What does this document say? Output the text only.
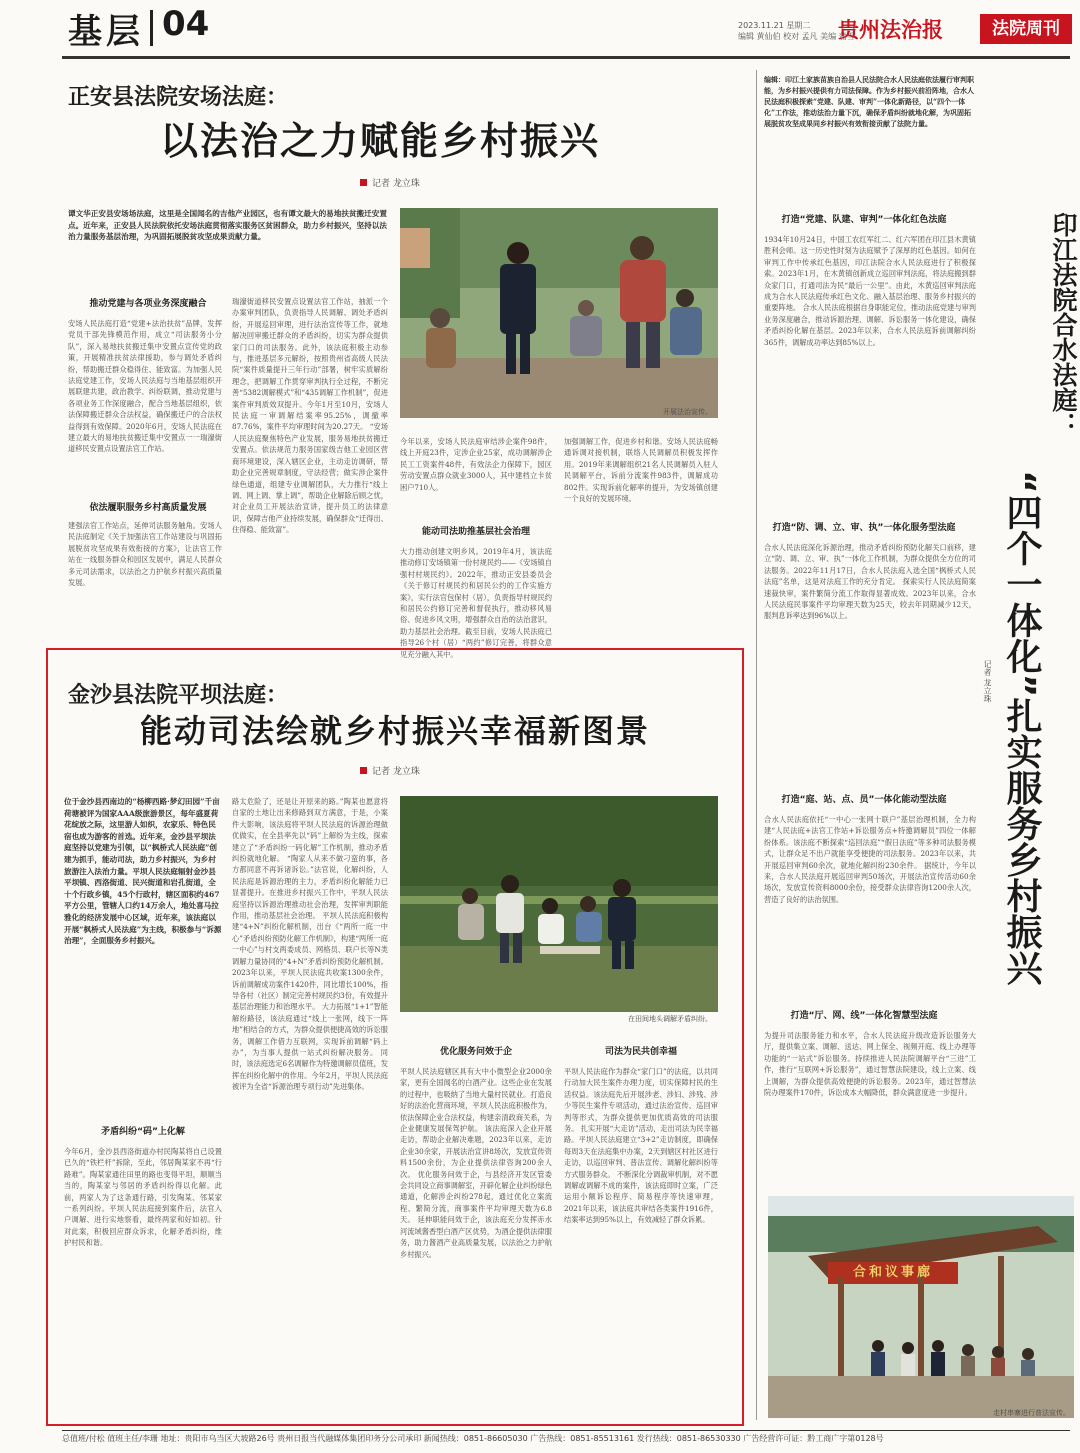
基层 04	2023.11.21 星期二
编辑 黄仙伯 校对 孟凡 美编 蒲雪
贵州法治报	法院周刊
正安县法院安场法庭：
以法治之力赋能乡村振兴
记者 龙立珠
谭文华正安县安场场法庭，这里是全国闻名的吉他产业园区，也有谭文最大的易地扶贫搬迁安置点。近年来，正安县人民法院依托安场法庭贯彻落实服务区贫困群众，助力乡村振兴，坚持以法治力量服务基层治理，为巩固拓展脱贫攻坚成果贡献力量。
推动党建与各项业务深度融合
安场人民法庭打造“党建+法治扶贫”品牌，发挥党员干部先锋模范作用，成立“司法服务小分队”，深入易地扶贫搬迁集中安置点宣传党的政策，开展精准扶贫法律援助，参与调处矛盾纠纷，帮助搬迁群众稳得住、能致富。为加强人民法庭党建工作，安场人民法庭与当地基层组织开展联建共建，政治教学、纠纷联调，推动党建与各项业务工作深度融合，配合当地基层组织，依法保障搬迁群众合法权益，确保搬迁户的合法权益得到有效保障。2020年6月，安场人民法庭在建立最大的易地扶贫搬迁集中安置点一一瑞濠街道移民安置点设置法官工作站。
依法履职服务乡村高质量发展
建强法官工作站点，延伸司法服务触角。安场人民法庭制定《关于加强法官工作站建设与巩固拓展脱贫攻坚成果有效衔接的方案》，让法官工作站在一线服务群众和园区发展中，满足人民群众多元司法需求，以法治之力护航乡村振兴高质量发展。
瑞濠街道移民安置点设置法官工作站，抽派一个办案审判团队，负责指导人民调解、调处矛盾纠纷，开展巡回审理，进行法治宣传等工作，就地解决回审搬迁群众的矛盾纠纷，切实为群众提供家门口的司法服务。此外，该法庭积极主动参与，推进基层多元解纷，按照贵州省高级人民法院“案件质量提升三年行动”部署，树牢实质解纷理念，把调解工作贯穿审判执行全过程，不断完善“5382调解模式”和“435调解工作机制”，促进案件审判质效双提升。今年1月至10月，安场人民法庭一审调解结案率95.25%，调撤率87.76%，案件平均审理时间为20.27天。 “安场人民法庭聚焦特色产业发展，服务易地扶贫搬迁安置点。依法规范力服务国家级吉他工业园区营商环境建设，深入辖区企业，主动走访调研，帮助企业完善规章制度，守法经营；做实涉企案件绿色通道，组建专业调解团队，大力推行“线上调、网上调、掌上调”，帮助企业解除后顾之忧，对企业员工开展法治宣讲，提升员工的法律意识，保障吉他产业持续发展，确保群众“迁得出、住得稳、能致富”。
开展法治宣传。
今年以来，安场人民法庭审结涉企案件98件，线上开庭23件，定涉企业25家，成功调解涉企民工工资案件48件，有效法企力保障下，园区劳动安置点群众就业3000人，其中建档立卡贫困户710人。
能动司法助推基层社会治理
大力推动创建文明乡风。2019年4月，该法庭推动修订安场镇第一份村规民约——《安场镇自强村村规民约》。2022年，推动正安县委员会《关于修订村规民约和居民公约的工作实施方案》，实行法官包保村（居），负责指导村规民约和居民公约修订完善和督促执行，推动移风易俗、促进乡风文明，增强群众自治的法治意识，助力基层社会治理。截至目前，安场人民法庭已指导26个村（居）“两约”修订完善，将群众意见充分融入其中。
加强调解工作，促进乡村和谐。安场人民法庭畅通诉调对接机制，联络人民调解员积极发挥作用。2019年来调解组织21名人民调解员入驻人民调解平台，诉前分流案件983件，调解成功802件。实现诉前化解率的提升，为安场镇创建一个良好的发展环境。
金沙县法院平坝法庭：
能动司法绘就乡村振兴幸福新图景
记者 龙立珠
位于金沙县西南边的“杨柳西路·梦幻田园”千亩荷塘被评为国家AAA级旅游景区，每年盛夏荷花绽放之际，这里游人如织，农家乐、特色民宿也成为游客的首选。近年来，金沙县平坝法庭坚持以党建为引领，以“枫桥式人民法庭”创建为抓手，能动司法，助力乡村振兴，为乡村旅游注入法治力量。平坝人民法庭辐射金沙县平坝镇、西洛街道、民兴街道和岩孔街道，全十个行政乡镇，45个行政村，辖区面积约467平方公里，管辖人口约14万余人，地处喜马拉雅化的经济发展中心区域，近年来，该法庭以开展“枫桥式人民法庭”为主线，积极参与“诉源治理”，全面服务乡村振兴。
矛盾纠纷“码”上化解
今年6月，金沙县西洛街道办村民陶某将自己设置已久的“铁栏杆”拆除，至此，邻居陶某家不再“行路难”。陶某家通往田里的路也变得平坦，顺顺当当的，陶某家与邻居的矛盾纠纷得以化解。此前，两家人为了这条通行路，引发陶某、邻某家一系列纠纷。平坝人民法庭接到案件后，法官入户调解、进行实地察看，最终两家和好如初。针对此案，积极回应群众诉求，化解矛盾纠纷，维护村民和谐。
路太危险了，还是让开原来的路。”陶某也愿意将自家的土地让出来修路到双方满意，于是，小案件大影响，该法庭将平坝人民法庭的诉源治理做优做实，在全县率先以“码”上解纷为主线，探索建立了“矛盾纠纷一码化解”工作机制，推动矛盾纠纷就地化解。 “陶家人从来不做刁蛮的事，各方都同意不再诉诸诉讼。”法官说，化解纠纷，人民法庭是诉源治理的主力，矛盾纠纷化解能力已显著提升。在推进乡村振兴工作中，平坝人民法庭坚持以诉源治理推动社会治理，发挥审判职能作用，推动基层社会治理。 平坝人民法庭积极构建“4+N”纠纷化解机制，出台《“两所一庭一中心”矛盾纠纷预防化解工作机制》，构建“两所一庭一中心”与村支两委成员、网格员、联户长等N类调解力量协同的“4+N”矛盾纠纷预防化解机制。2023年以来，平坝人民法庭共收案1300余件，诉前调解成功案件1420件，同比增长100%，指导各村（社区）制定完善村规民约3份，有效提升基层治理能力和治理水平。 大力拓展“1+1”智能解纷路径，该法庭通过“线上一张网，线下一阵地”相结合的方式，为群众提供便捷高效的诉讼服务，调解工作借力互联网，实现诉前调解“码上办”，为当事人提供一站式纠纷解决服务。 同时，该法庭选定6名调解作为特邀调解员值班，发挥在纠纷化解中的作用。今年2月，平坝人民法庭被评为全省“诉源治理专项行动”先进集体。
在田间地头调解矛盾纠纷。
优化服务问效于企
平坝人民法庭辖区具有大中小微型企业2000余家，更有全国闻名的白酒产业。这些企业在发展的过程中，也吸纳了当地大量村民就业。打造良好的法治化营商环境，平坝人民法庭积极作为，依法保障企业合法权益，构建亲清政商关系，为企业健康发展保驾护航。 该法庭深入企业开展走访，帮助企业解决难题，2023年以来，走访企业30余家，开展法治宣讲8场次，发放宣传资料1500余份，为企业提供法律咨询200余人次。 优化服务问效于企，与县经济开发区管委会共同设立商事调解室，开辟化解企业纠纷绿色通道，化解涉企纠纷278起，通过优化立案流程、繁简分流，商事案件平均审理天数为6.8天。 延伸职能问效于企，该法庭充分发挥赤水河流域酱香型白酒产区优势，为酒企提供法律服务，助力酱酒产业高质量发展，以法治之力护航乡村振兴。
司法为民共创幸福
平坝人民法庭作为群众“家门口”的法庭，以共同行动加大民生案件办理力度，切实保障村民的生活权益。该法庭先后开展涉老、涉妇、涉残、涉少等民生案件专项活动，通过法治宣传、巡回审判等形式，为群众提供更加优质高效的司法服务。 扎实开展“大走访”活动，走出司法为民幸福路。平坝人民法庭建立“3+2”走访制度，即确保每周3天在法庭集中办案，2天到辖区村社区进行走访，以巡回审判、普法宣传、调解化解纠纷等方式服务群众。 不断深化分调裁审机制，对不愿调解或调解不成的案件，该法庭即时立案，广泛运用小额诉讼程序、简易程序等快速审理，2021年以来，该法庭共审结各类案件1916件，结案率达到95%以上，有效减轻了群众诉累。
印江法院合水法庭：
“四个一体化”扎实服务乡村振兴
记者 龙立珠
编辑：印江土家族苗族自治县人民法院合水人民法庭依法履行审判职能，为乡村振兴提供有力司法保障。作为乡村振兴前沿阵地，合水人民法庭积极探索“党建、队建、审判”一体化新路径，以“四个一体化”工作法，推动法治力量下沉，确保矛盾纠纷就地化解，为巩固拓展脱贫攻坚成果同乡村振兴有效衔接贡献了法院力量。
打造“党建、队建、审判”一体化红色法庭
1934年10月24日，中国工农红军红二、红六军团在印江县木黄镇胜利会师。这一历史性时刻为法庭赋予了深厚的红色基因。如何在审判工作中传承红色基因，印江法院合水人民法庭进行了积极探索。2023年1月，在木黄镇创新成立巡回审判法庭，将法庭搬到群众家门口，打通司法为民“最后一公里”。由此，木黄巡回审判法庭成为合水人民法庭传承红色文化、融入基层治理、服务乡村振兴的重要阵地。 合水人民法庭根据自身职能定位，推动法庭党建与审判业务深度融合，推动诉源治理、调解、诉讼服务一体化建设，确保矛盾纠纷化解在基层。2023年以来，合水人民法庭诉前调解纠纷365件，调解成功率达到85%以上。
打造“防、调、立、审、执”一体化服务型法庭
合水人民法庭深化诉源治理，推动矛盾纠纷预防化解关口前移，建立“防、调、立、审、执”一体化工作机制，为群众提供全方位的司法服务。2022年11月17日，合水人民法庭入选全国“枫桥式人民法庭”名单，这是对法庭工作的充分肯定。 探索实行人民法庭简案速裁快审，案件繁简分流工作取得显著成效。2023年以来，合水人民法庭民事案件平均审理天数为25天，较去年同期减少12天，服判息诉率达到96%以上。
打造“庭、站、点、员”一体化能动型法庭
合水人民法庭依托“一中心一张网十联户”基层治理机制，全力构建“人民法庭+法官工作站+诉讼服务点+特邀调解员”四位一体解纷体系。该法庭不断探索“巡回法庭”“假日法庭”等多种司法服务模式，让群众足不出户就能享受便捷的司法服务。2023年以来，共开展巡回审判60余次，就地化解纠纷230余件。 据统计，今年以来，合水人民法庭开展巡回审判50场次，开展法治宣传活动60余场次，发放宣传资料8000余份，接受群众法律咨询1200余人次，营造了良好的法治氛围。
打造“厅、网、线”一体化智慧型法庭
为提升司法服务能力和水平，合水人民法庭升级改造诉讼服务大厅，提供集立案、调解、送达、网上保全、视频开庭、线上办理等功能的“一站式”诉讼服务。持续推进人民法院调解平台“三进”工作，推行“互联网+诉讼服务”，通过智慧法院建设，线上立案、线上调解，为群众提供高效便捷的诉讼服务。2023年，通过智慧法院办理案件170件，诉讼成本大幅降低，群众满意度进一步提升。
合和议事廊
走村串寨进行普法宣传。
总值班/付松 值班主任/李珊 地址：贵阳市乌当区大坡路26号 贵州日报当代融媒体集团印务分公司承印 新闻热线：0851-86605030 广告热线：0851-85513161 发行热线：0851-86530330 广告经营许可证：黔工商广字第0128号
